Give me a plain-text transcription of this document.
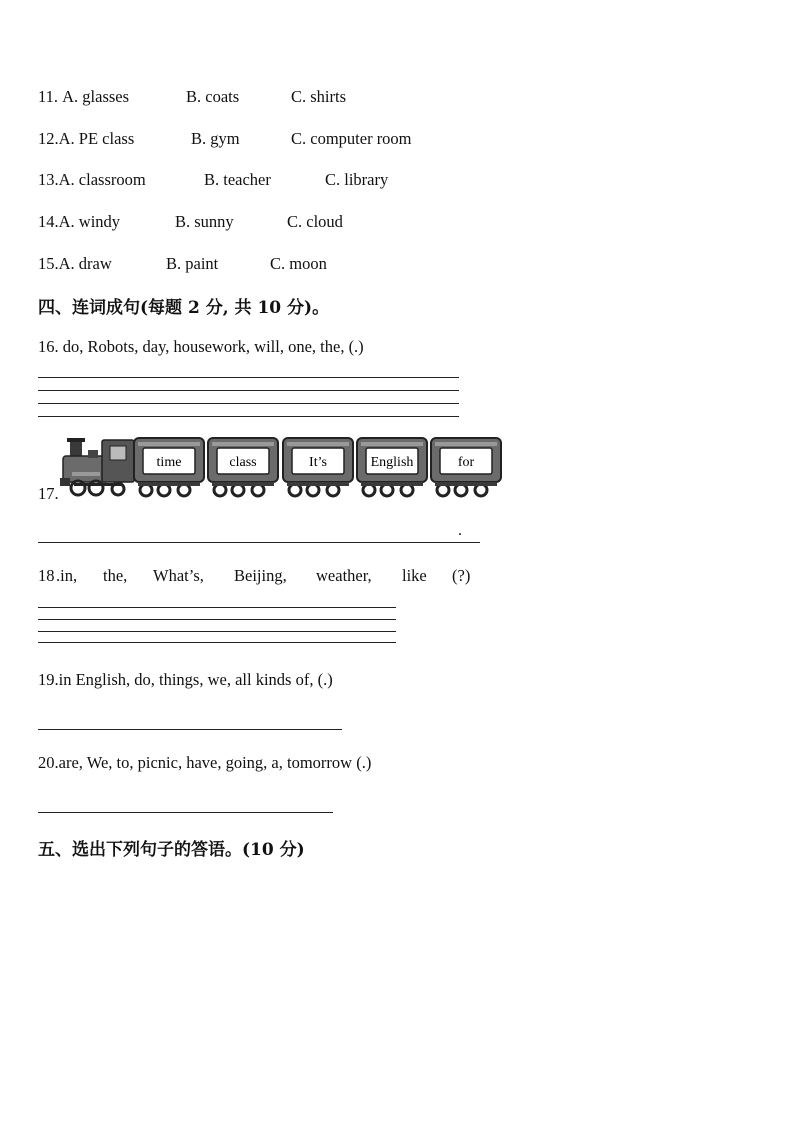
11. A. glasses	B. coats	C. shirts
12.A. PE class	B. gym	C. computer room
13.A. classroom	B. teacher	C. library
14.A. windy	B. sunny	C. cloud
15.A. draw	B. paint	C. moon
四、连词成句(每题 2 分, 共 10 分)。
16. do, Robots, day, housework, will, one, the, (.)
17.
time	class	It’s	English	for
.
18 .in, the, What’s, Beijing, weather, like (?)
19.in English, do, things, we, all kinds of, (.)
20.are, We, to, picnic, have, going, a, tomorrow (.)
五、选出下列句子的答语。(10 分)
